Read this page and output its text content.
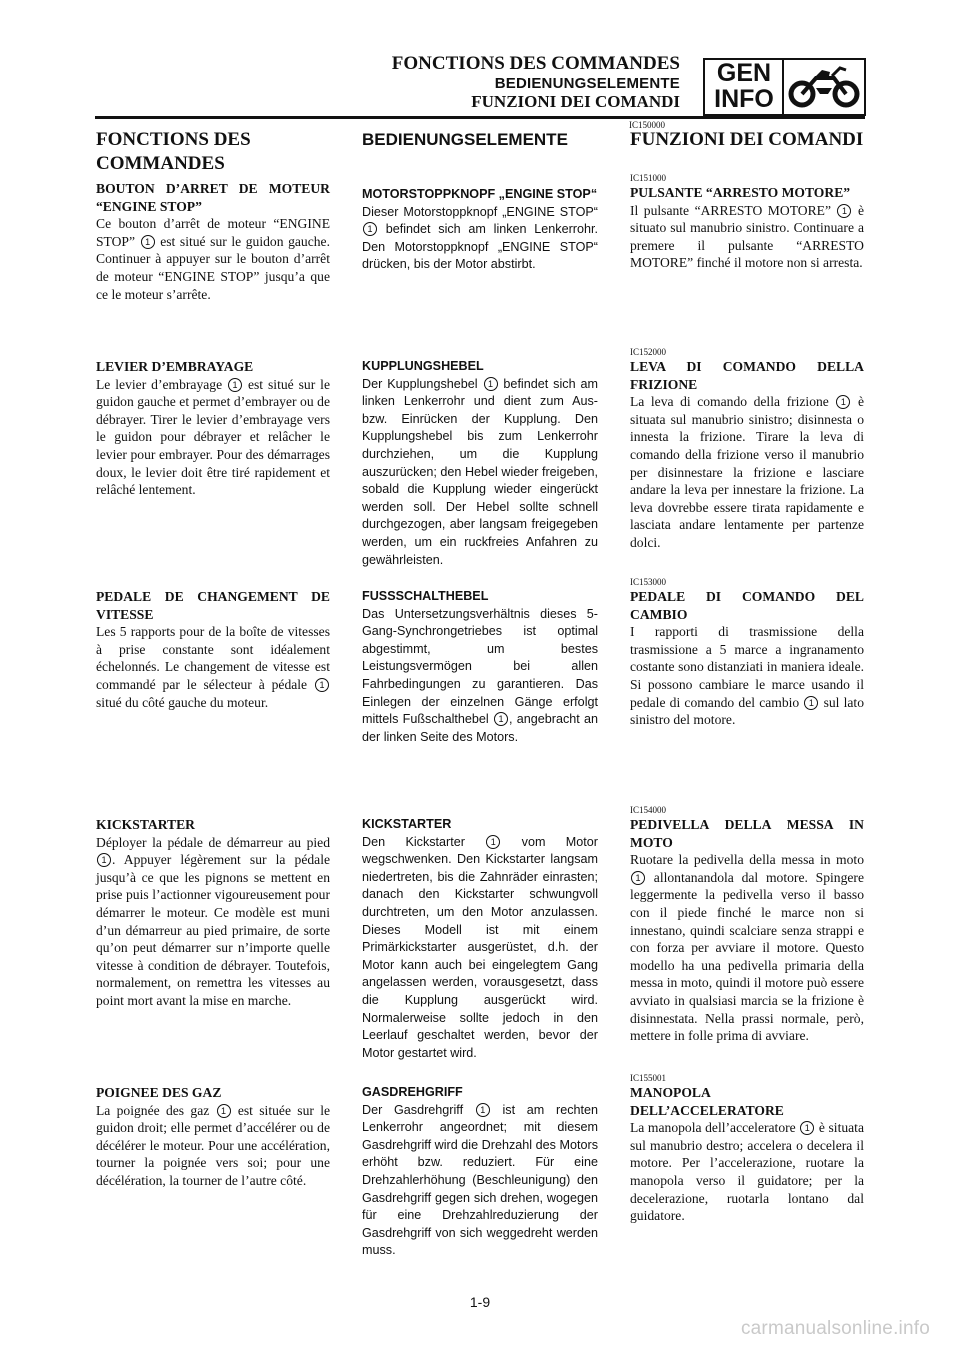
FONCTIONS DES COMMANDES
BEDIENUNGSELEMENTE
FUNZIONI DEI COMANDI
GEN
INFO
IC150000
FONCTIONS DES COMMANDES
BOUTON D’ARRET DE MOTEUR “ENGINE STOP”

Ce bouton d’arrêt de moteur “ENGINE STOP” 1 est situé sur le guidon gauche. Continuer à appuyer sur le bouton d’arrêt de moteur “ENGINE STOP” jusqu’a que ce le moteur s’arrête.

LEVIER D’EMBRAYAGE

Le levier d’embrayage 1 est situé sur le guidon gauche et permet d’embrayer ou de débrayer. Tirer le levier d’embrayage vers le guidon pour débrayer et relâcher le levier pour embrayer. Pour des démarrages doux, le levier doit être tiré rapidement et relâché lentement.

PEDALE DE CHANGEMENT DE VITESSE

Les 5 rapports pour de la boîte de vitesses à prise constante sont idéalement échelonnés. Le changement de vitesse est commandé par le sélecteur à pédale 1 situé du côté gauche du moteur.

KICKSTARTER

Déployer la pédale de démarreur au pied 1 . Appuyer légèrement sur la pédale jusqu’à ce que les pignons se mettent en prise puis l’actionner vigoureusement pour démarrer le moteur. Ce modèle est muni d’un démarreur au pied primaire, de sorte qu’on peut démarrer sur n’importe quelle vitesse à condition de débrayer. Toutefois, normalement, on remettra les vitesses au point mort avant la mise en marche.

POIGNEE DES GAZ

La poignée des gaz 1 est située sur le guidon droit; elle permet d’accélérer ou de décélérer le moteur. Pour une accélération, tourner la poignée vers soi; pour une décélération, la tourner de l’autre côté.

BEDIENUNGSELEMENTE
MOTORSTOPPKNOPF „ENGINE STOP“

Dieser Motorstoppknopf „ENGINE STOP“ 1 befindet sich am linken Lenkerrohr. Den Motorstoppknopf „ENGINE STOP“ drücken, bis der Motor abstirbt.

KUPPLUNGSHEBEL

Der Kupplungshebel 1 befindet sich am linken Lenkerrohr und dient zum Aus- bzw. Einrücken der Kupplung. Den Kupplungshebel bis zum Lenkerrohr durchziehen, um die Kupplung auszurücken; den Hebel wieder freigeben, sobald die Kupplung wieder eingerückt werden soll. Der Hebel sollte schnell durchgezogen, aber langsam freigegeben werden, um ein ruckfreies Anfahren zu gewährleisten.

FUSSSCHALTHEBEL

Das Untersetzungsverhältnis dieses 5-Gang-Synchrongetriebes ist optimal abgestimmt, um bestes Leistungsvermögen bei allen Fahrbedingungen zu garantieren. Das Einlegen der einzelnen Gänge erfolgt mittels Fußschalthebel 1 , angebracht an der linken Seite des Motors.

KICKSTARTER

Den Kickstarter 1 vom Motor wegschwenken. Den Kickstarter langsam niedertreten, bis die Zahnräder einrasten; danach den Kickstarter schwungvoll durchtreten, um den Motor anzulassen. Dieses Modell ist mit einem Primärkickstarter ausgerüstet, d.h. der Motor kann auch bei eingelegtem Gang angelassen werden, vorausgesetzt, dass die Kupplung ausgerückt wird. Normalerweise sollte jedoch in den Leerlauf geschaltet werden, bevor der Motor gestartet wird.

GASDREHGRIFF

Der Gasdrehgriff 1 ist am rechten Lenkerrohr angeordnet; mit diesem Gasdrehgriff wird die Drehzahl des Motors erhöht bzw. reduziert. Für eine Drehzahlerhöhung (Beschleunigung) den Gasdrehgriff gegen sich drehen, wogegen für eine Drehzahlreduzierung der Gasdrehgriff von sich weggedreht werden muss.

FUNZIONI DEI COMANDI
IC151000
PULSANTE “ARRESTO MOTORE”

Il pulsante “ARRESTO MOTORE” 1 è situato sul manubrio sinistro. Continuare a premere il pulsante “ARRESTO MOTORE” finché il motore non si arresta.

IC152000
LEVA DI COMANDO DELLA FRIZIONE

La leva di comando della frizione 1 è situata sul manubrio sinistro; disinnesta o innesta la frizione. Tirare la leva di comando della frizione verso il manubrio per disinnestare la frizione e lasciare andare la leva per innestare la frizione. La leva dovrebbe essere tirata rapidamente e lasciata andare lentamente per partenze dolci.

IC153000
PEDALE DI COMANDO DEL CAMBIO

I rapporti di trasmissione della trasmissione a 5 marce a ingranamento costante sono distanziati in maniera ideale. Si possono cambiare le marce usando il pedale di comando del cambio 1 sul lato sinistro del motore.

IC154000
PEDIVELLA DELLA MESSA IN MOTO

Ruotare la pedivella della messa in moto 1 allontanandola dal motore. Spingere leggermente la pedivella verso il basso con il piede finché le marce non si innestano, quindi scalciare senza strappi e con forza per avviare il motore. Questo modello ha una pedivella primaria della messa in moto, quindi il motore può essere avviato in qualsiasi marcia se la frizione è disinnestata. Nella prassi normale, però, mettere in folle prima di avviare.

IC155001
MANOPOLA DELL’ACCELERATORE

La manopola dell’acceleratore 1 è situata sul manubrio destro; accelera o decelera il motore. Per l’accelerazione, ruotare la manopola verso il guidatore; per la decelerazione, ruotarla lontano dal guidatore.

1-9
carmanualsonline.info
